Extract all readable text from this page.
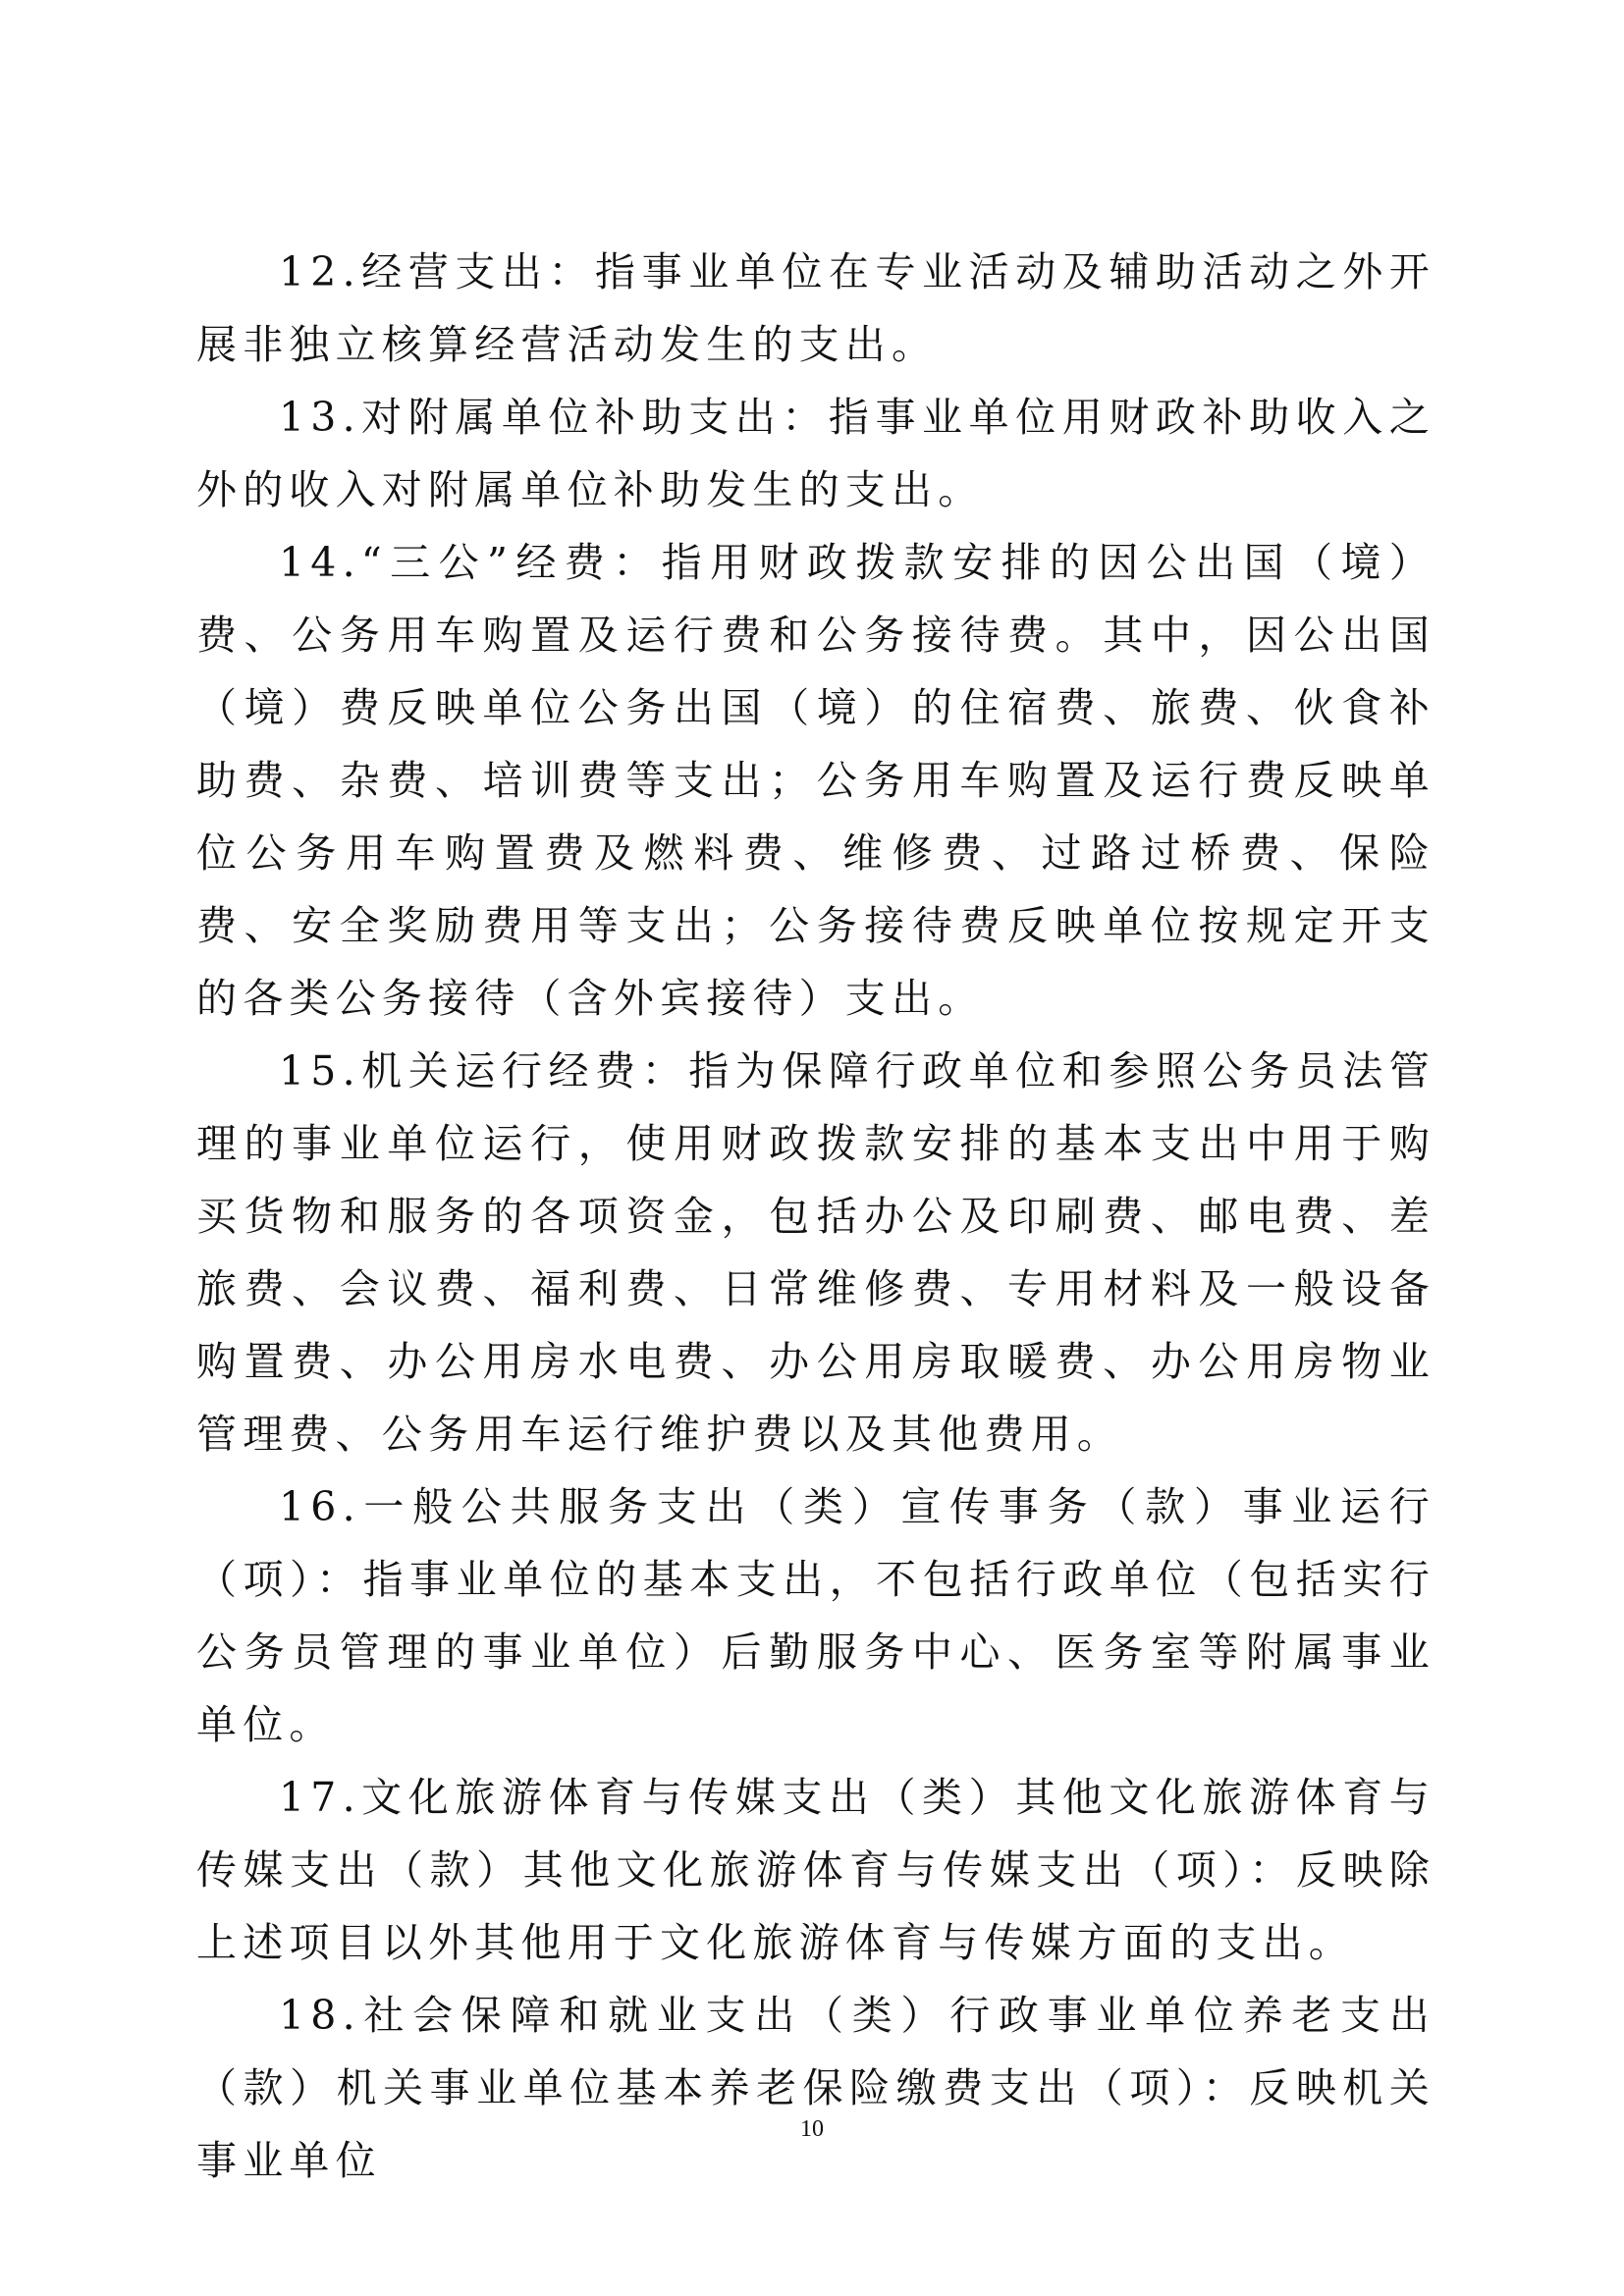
12.经营支出：指事业单位在专业活动及辅助活动之外开展非独立核算经营活动发生的支出。

13.对附属单位补助支出：指事业单位用财政补助收入之外的收入对附属单位补助发生的支出。

14.“三公”经费：指用财政拨款安排的因公出国（境）费、公务用车购置及运行费和公务接待费。其中，因公出国（境）费反映单位公务出国（境）的住宿费、旅费、伙食补助费、杂费、培训费等支出；公务用车购置及运行费反映单位公务用车购置费及燃料费、维修费、过路过桥费、保险费、安全奖励费用等支出；公务接待费反映单位按规定开支的各类公务接待（含外宾接待）支出。

15.机关运行经费：指为保障行政单位和参照公务员法管理的事业单位运行，使用财政拨款安排的基本支出中用于购买货物和服务的各项资金，包括办公及印刷费、邮电费、差旅费、会议费、福利费、日常维修费、专用材料及一般设备购置费、办公用房水电费、办公用房取暖费、办公用房物业管理费、公务用车运行维护费以及其他费用。

16.一般公共服务支出（类）宣传事务（款）事业运行（项）：指事业单位的基本支出，不包括行政单位（包括实行公务员管理的事业单位）后勤服务中心、医务室等附属事业单位。

17.文化旅游体育与传媒支出（类）其他文化旅游体育与传媒支出（款）其他文化旅游体育与传媒支出（项）：反映除上述项目以外其他用于文化旅游体育与传媒方面的支出。

18.社会保障和就业支出（类）行政事业单位养老支出（款）机关事业单位基本养老保险缴费支出（项）：反映机关事业单位

10
